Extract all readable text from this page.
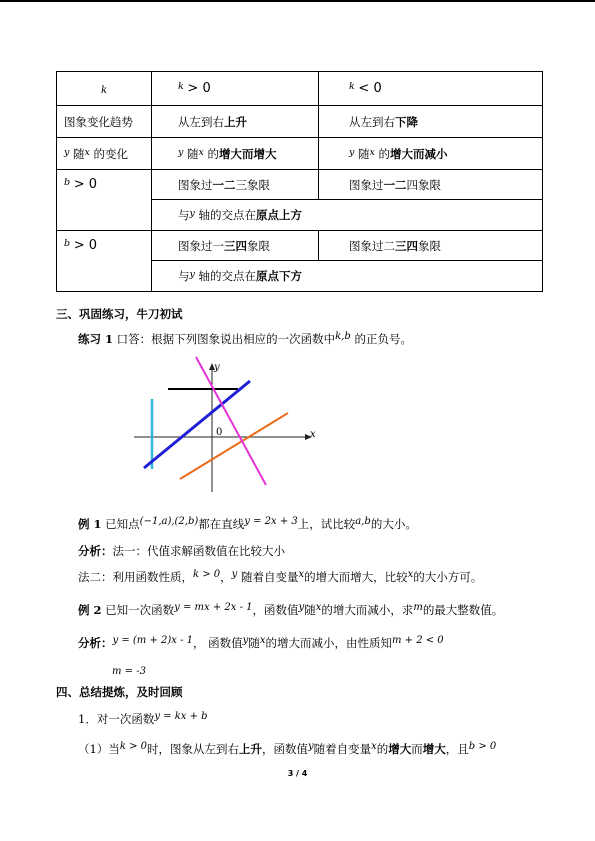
k	$^k$ > 0	$^k$ < 0
图象变化趋势	从左到右上升	从左到右下降
$^y$ 随$^x$ 的变化	$^y$ 随$^x$ 的增大而增大	$^y$ 随$^x$ 的增大而减小
$^b$ > 0	图象过一二三象限	图象过一二四象限
	与$^y$ 轴的交点在原点上方	
$^b$ > 0	图象过一三四象限	图象过二三四象限
	与$^y$ 轴的交点在原点下方	
三、巩固练习，牛刀初试
练习 1 口答：根据下列图象说出相应的一次函数中k,b 的正负号。
y
x
0
例 1 已知点(−1,a),(2,b)都在直线y = 2x + 3上，试比较a,b的大小。
分析：法一：代值求解函数值在比较大小
法二：利用函数性质，k > 0，y 随着自变量x的增大而增大，比较x的大小方可。
例 2 已知一次函数y = mx + 2x - 1，函数值y随x的增大而减小，求m的最大整数值。
分析：y = (m + 2)x - 1， 函数值y随x的增大而减小，由性质知m + 2 < 0
m = -3
四、总结提炼，及时回顾
1．对一次函数y = kx + b
（1）当k > 0时，图象从左到右上升，函数值y随着自变量x的增大而增大，且b > 0
3 / 4
